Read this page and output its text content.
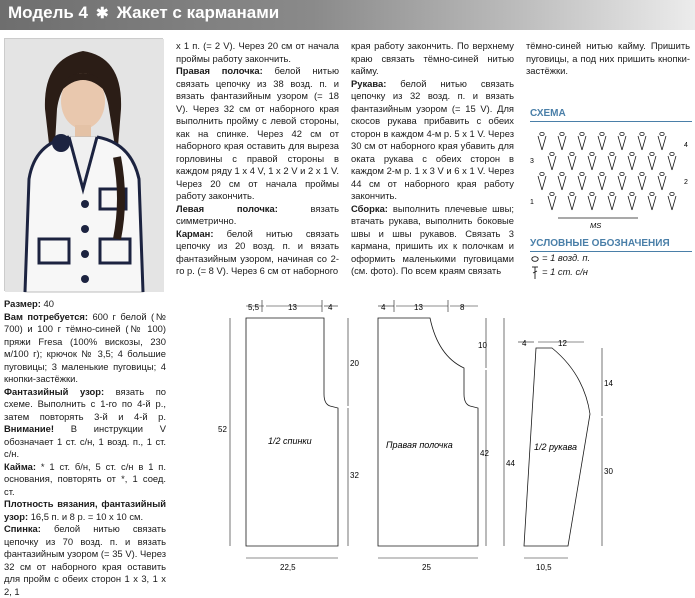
Модель 4 ✱ Жакет с карманами

Размер: 40

Вам потребуется: 600 г белой (№ 700) и 100 г тёмно-синей (№ 100) пряжи Fresa (100% вискозы, 230 м/100 г); крючок № 3,5; 4 большие пуговицы; 3 маленькие пуговицы; 4 кнопки-застёжки.

Фантазийный узор: вязать по схеме. Выполнить с 1-го по 4-й р., затем повторять 3-й и 4-й р. Внимание! В инструкции V обозначает 1 ст. с/н, 1 возд. п., 1 ст. с/н.

Кайма: * 1 ст. б/н, 5 ст. с/н в 1 п. основания, повторять от *, 1 соед. ст.

Плотность вязания, фантазийный узор: 16,5 п. и 8 р. = 10 х 10 см.

Спинка: белой нитью связать цепочку из 70 возд. п. и вязать фантазийным узором (= 35 V). Через 32 см от наборного края оставить для пройм с обеих сторон 1 х 3, 1 х 2, 1

х 1 п. (= 2 V). Через 20 см от начала проймы работу закончить.

Правая полочка: белой нитью связать цепочку из 38 возд. п. и вязать фантазийным узором (= 18 V). Через 32 см от наборного края выполнить пройму с левой стороны, как на спинке. Через 42 см от наборного края оставить для выреза горловины с правой стороны в каждом ряду 1 х 4 V, 1 х 2 V и 2 х 1 V. Через 20 см от начала проймы работу закончить.

Левая полочка: вязать симметрично.

Карман: белой нитью связать цепочку из 20 возд. п. и вязать фантазийным узором, начиная со 2-го р. (= 8 V). Через 6 см от наборного

края работу закончить. По верхнему краю связать тёмно-синей нитью кайму.

Рукава: белой нитью связать цепочку из 32 возд. п. и вязать фантазийным узором (= 15 V). Для скосов рукава прибавить с обеих сторон в каждом 4-м р. 5 х 1 V. Через 30 см от наборного края убавить для оката рукава с обеих сторон в каждом 2-м р. 1 х 3 V и 6 х 1 V. Через 44 см от наборного края работу закончить.

Сборка: выполнить плечевые швы; втачать рукава, выполнить боковые швы и швы рукавов. Связать 3 кармана, пришить их к полочкам и оформить маленькими пуговицами (см. фото). По всем краям связать

тёмно-синей нитью кайму. Пришить пуговицы, а под них пришить кнопки-застёжки.

СХЕМА
4
3
2
1
MS
УСЛОВНЫЕ ОБОЗНАЧЕНИЯ
= 1 возд. п.
= 1 ст. с/н
1/2 спинки
5,5	13	4
52
20
32
22,5
Правая полочка
4	13	8
10
42
44
25
1/2 рукава
4	12
14
30
10,5
